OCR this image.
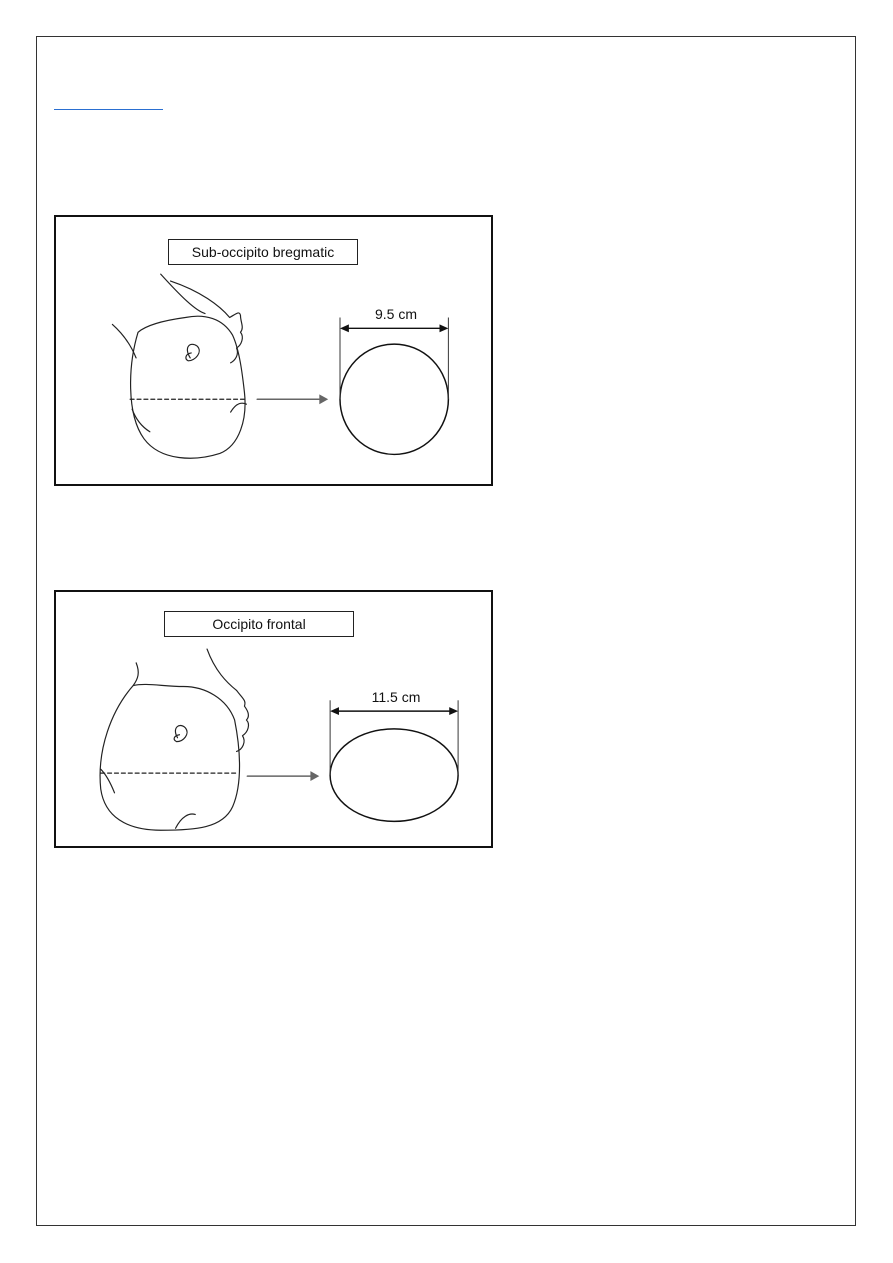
Sub-occipito bregmatic
9.5 cm
Occipito frontal
11.5 cm
